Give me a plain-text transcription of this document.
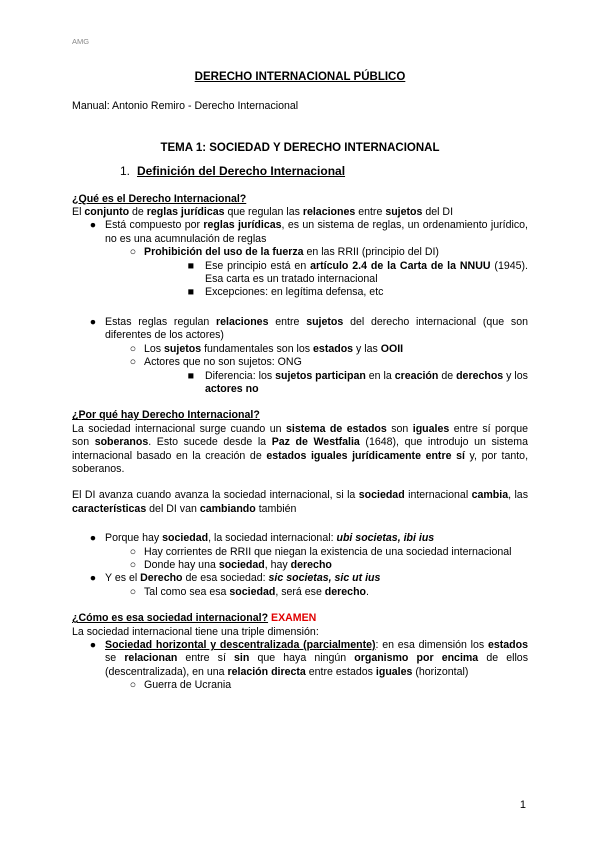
AMG
DERECHO INTERNACIONAL PÚBLICO
Manual: Antonio Remiro - Derecho Internacional
TEMA 1: SOCIEDAD Y DERECHO INTERNACIONAL
1. Definición del Derecho Internacional
¿Qué es el Derecho Internacional?
El conjunto de reglas jurídicas que regulan las relaciones entre sujetos del DI
● Está compuesto por reglas jurídicas, es un sistema de reglas, un ordenamiento jurídico, no es una acumnulación de reglas
○ Prohibición del uso de la fuerza en las RRII (principio del DI)
■ Ese principio está en artículo 2.4 de la Carta de la NNUU (1945). Esa carta es un tratado internacional
■ Excepciones: en legítima defensa, etc
● Estas reglas regulan relaciones entre sujetos del derecho internacional (que son diferentes de los actores)
○ Los sujetos fundamentales son los estados y las OOII
○ Actores que no son sujetos: ONG
■ Diferencia: los sujetos participan en la creación de derechos y los actores no
¿Por qué hay Derecho Internacional?
La sociedad internacional surge cuando un sistema de estados son iguales entre sí porque son soberanos. Esto sucede desde la Paz de Westfalia (1648), que introdujo un sistema internacional basado en la creación de estados iguales jurídicamente entre sí y, por tanto, soberanos.
El DI avanza cuando avanza la sociedad internacional, si la sociedad internacional cambia, las características del DI van cambiando también
● Porque hay sociedad, la sociedad internacional: ubi societas, ibi ius
○ Hay corrientes de RRII que niegan la existencia de una sociedad internacional
○ Donde hay una sociedad, hay derecho
● Y es el Derecho de esa sociedad: sic societas, sic ut ius
○ Tal como sea esa sociedad, será ese derecho.
¿Cómo es esa sociedad internacional? EXAMEN
La sociedad internacional tiene una triple dimensión:
● Sociedad horizontal y descentralizada (parcialmente): en esa dimensión los estados se relacionan entre sí sin que haya ningún organismo por encima de ellos (descentralizada), en una relación directa entre estados iguales (horizontal)
○ Guerra de Ucrania
1
